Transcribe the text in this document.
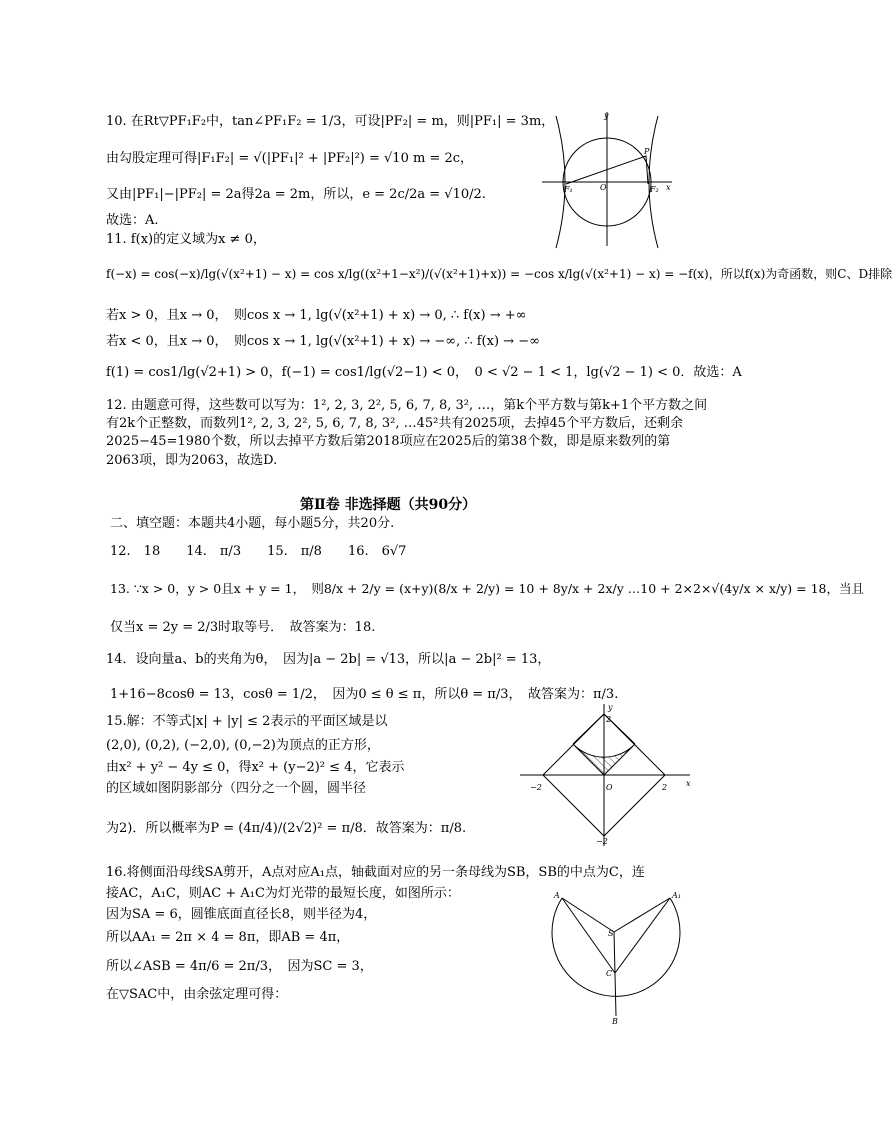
10. 在Rt▽PF₁F₂中，tan∠PF₁F₂ = 1/3，可设|PF₂| = m，则|PF₁| = 3m，
由勾股定理可得|F₁F₂| = √(|PF₁|² + |PF₂|²) = √10 m = 2c，
又由|PF₁|−|PF₂| = 2a得2a = 2m，所以，e = 2c/2a = √10/2.
故选：A.
11. f(x)的定义域为x ≠ 0，
f(−x) = cos(−x)/lg(√(x²+1) − x) = cos x/lg((x²+1−x²)/(√(x²+1)+x)) = −cos x/lg(√(x²+1) − x) = −f(x)，所以f(x)为奇函数，则C、D排除
若x > 0，且x → 0，　则cos x → 1, lg(√(x²+1) + x) → 0, ∴ f(x) → +∞
若x < 0，且x → 0，　则cos x → 1, lg(√(x²+1) + x) → −∞, ∴ f(x) → −∞
f(1) = cos1/lg(√2+1) > 0，f(−1) = cos1/lg(√2−1) < 0，　0 < √2 − 1 < 1，lg(√2 − 1) < 0．故选：A
12. 由题意可得，这些数可以写为：1², 2, 3, 2², 5, 6, 7, 8, 3², …，第k个平方数与第k+1个平方数之间
有2k个正整数，而数列1², 2, 3, 2², 5, 6, 7, 8, 3², …45²共有2025项，去掉45个平方数后，还剩余
2025−45=1980个数，所以去掉平方数后第2018项应在2025后的第38个数，即是原来数列的第
2063项，即为2063，故选D.
第Ⅱ卷 非选择题（共90分）
二、填空题：本题共4小题，每小题5分，共20分.
12.　18　　14.　π/3　　15.　π/8　　16.　6√7
13. ∵x > 0，y > 0且x + y = 1，　则8/x + 2/y = (x+y)(8/x + 2/y) = 10 + 8y/x + 2x/y …10 + 2×2×√(4y/x × x/y) = 18，当且
仅当x = 2y = 2/3时取等号．　故答案为：18.
14．设向量a、b的夹角为θ，　因为|a − 2b| = √13，所以|a − 2b|² = 13，
1+16−8cosθ = 13，cosθ = 1/2，　因为0 ≤ θ ≤ π，所以θ = π/3，　故答案为：π/3.
15.解：不等式|x| + |y| ≤ 2表示的平面区域是以
(2,0), (0,2), (−2,0), (0,−2)为顶点的正方形，
由x² + y² − 4y ≤ 0，得x² + (y−2)² ≤ 4，它表示
的区域如图阴影部分（四分之一个圆，圆半径
为2)．所以概率为P = (4π/4)/(2√2)² = π/8．故答案为：π/8.
16.将侧面沿母线SA剪开，A点对应A₁点，轴截面对应的另一条母线为SB，SB的中点为C，连
接AC，A₁C，则AC + A₁C为灯光带的最短长度，如图所示：
因为SA = 6，圆锥底面直径长8，则半径为4，
所以AA₁ = 2π × 4 = 8π，即AB = 4π，
所以∠ASB = 4π/6 = 2π/3，　因为SC = 3，
在▽SAC中，由余弦定理可得：
y
P
F₁	O	F₂ x
y
2
−2	O	2 x
−2
A	A₁
S
C
B
